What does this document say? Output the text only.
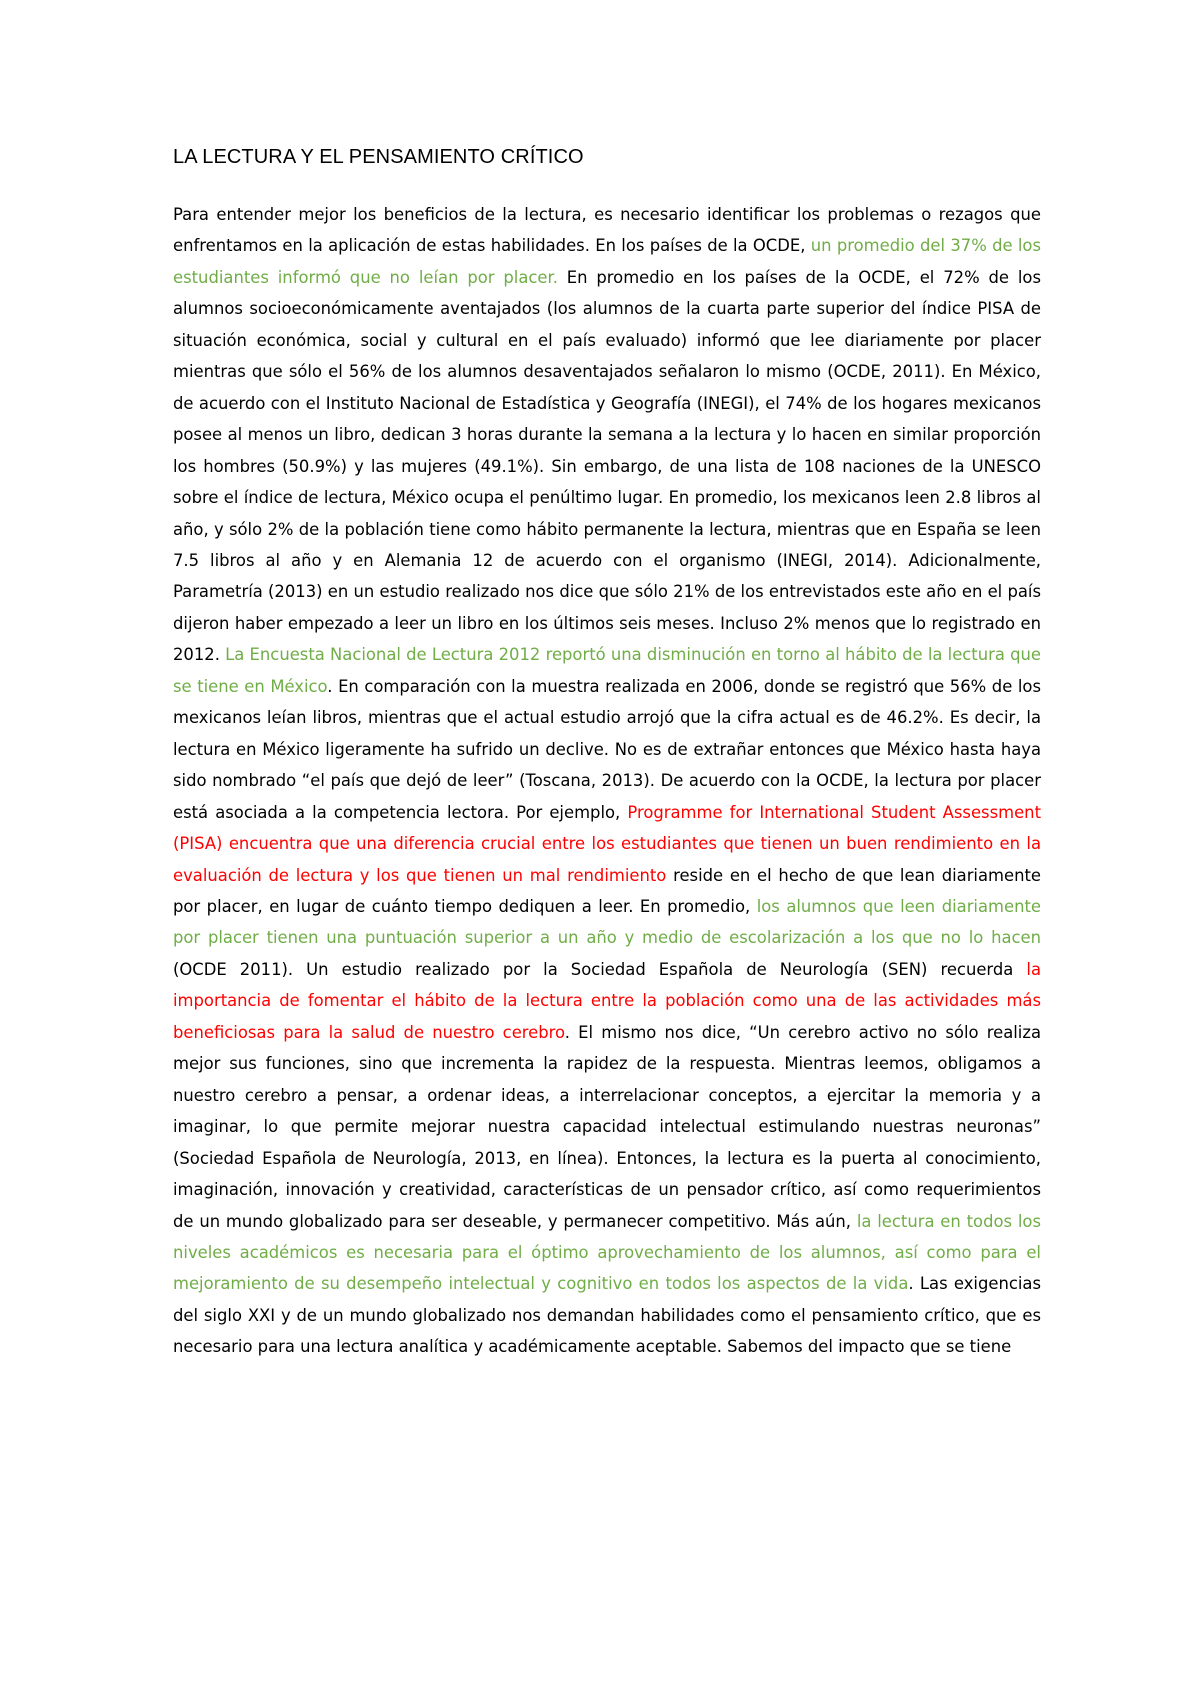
LA LECTURA Y EL PENSAMIENTO CRÍTICO

Para entender mejor los beneficios de la lectura, es necesario identificar los problemas o rezagos que enfrentamos en la aplicación de estas habilidades. En los países de la OCDE, un promedio del 37% de los estudiantes informó que no leían por placer. En promedio en los países de la OCDE, el 72% de los alumnos socioeconómicamente aventajados (los alumnos de la cuarta parte superior del índice PISA de situación económica, social y cultural en el país evaluado) informó que lee diariamente por placer mientras que sólo el 56% de los alumnos desaventajados señalaron lo mismo (OCDE, 2011). En México, de acuerdo con el Instituto Nacional de Estadística y Geografía (INEGI), el 74% de los hogares mexicanos posee al menos un libro, dedican 3 horas durante la semana a la lectura y lo hacen en similar proporción los hombres (50.9%) y las mujeres (49.1%). Sin embargo, de una lista de 108 naciones de la UNESCO sobre el índice de lectura, México ocupa el penúltimo lugar. En promedio, los mexicanos leen 2.8 libros al año, y sólo 2% de la población tiene como hábito permanente la lectura, mientras que en España se leen 7.5 libros al año y en Alemania 12 de acuerdo con el organismo (INEGI, 2014). Adicionalmente, Parametría (2013) en un estudio realizado nos dice que sólo 21% de los entrevistados este año en el país dijeron haber empezado a leer un libro en los últimos seis meses. Incluso 2% menos que lo registrado en 2012. La Encuesta Nacional de Lectura 2012 reportó una disminución en torno al hábito de la lectura que se tiene en México. En comparación con la muestra realizada en 2006, donde se registró que 56% de los mexicanos leían libros, mientras que el actual estudio arrojó que la cifra actual es de 46.2%. Es decir, la lectura en México ligeramente ha sufrido un declive. No es de extrañar entonces que México hasta haya sido nombrado “el país que dejó de leer” (Toscana, 2013). De acuerdo con la OCDE, la lectura por placer está asociada a la competencia lectora. Por ejemplo, Programme for International Student Assessment (PISA) encuentra que una diferencia crucial entre los estudiantes que tienen un buen rendimiento en la evaluación de lectura y los que tienen un mal rendimiento reside en el hecho de que lean diariamente por placer, en lugar de cuánto tiempo dediquen a leer. En promedio, los alumnos que leen diariamente por placer tienen una puntuación superior a un año y medio de escolarización a los que no lo hacen (OCDE 2011). Un estudio realizado por la Sociedad Española de Neurología (SEN) recuerda la importancia de fomentar el hábito de la lectura entre la población como una de las actividades más beneficiosas para la salud de nuestro cerebro. El mismo nos dice, “Un cerebro activo no sólo realiza mejor sus funciones, sino que incrementa la rapidez de la respuesta. Mientras leemos, obligamos a nuestro cerebro a pensar, a ordenar ideas, a interrelacionar conceptos, a ejercitar la memoria y a imaginar, lo que permite mejorar nuestra capacidad intelectual estimulando nuestras neuronas” (Sociedad Española de Neurología, 2013, en línea). Entonces, la lectura es la puerta al conocimiento, imaginación, innovación y creatividad, características de un pensador crítico, así como requerimientos de un mundo globalizado para ser deseable, y permanecer competitivo. Más aún, la lectura en todos los niveles académicos es necesaria para el óptimo aprovechamiento de los alumnos, así como para el mejoramiento de su desempeño intelectual y cognitivo en todos los aspectos de la vida. Las exigencias del siglo XXI y de un mundo globalizado nos demandan habilidades como el pensamiento crítico, que es necesario para una lectura analítica y académicamente aceptable. Sabemos del impacto que se tiene
